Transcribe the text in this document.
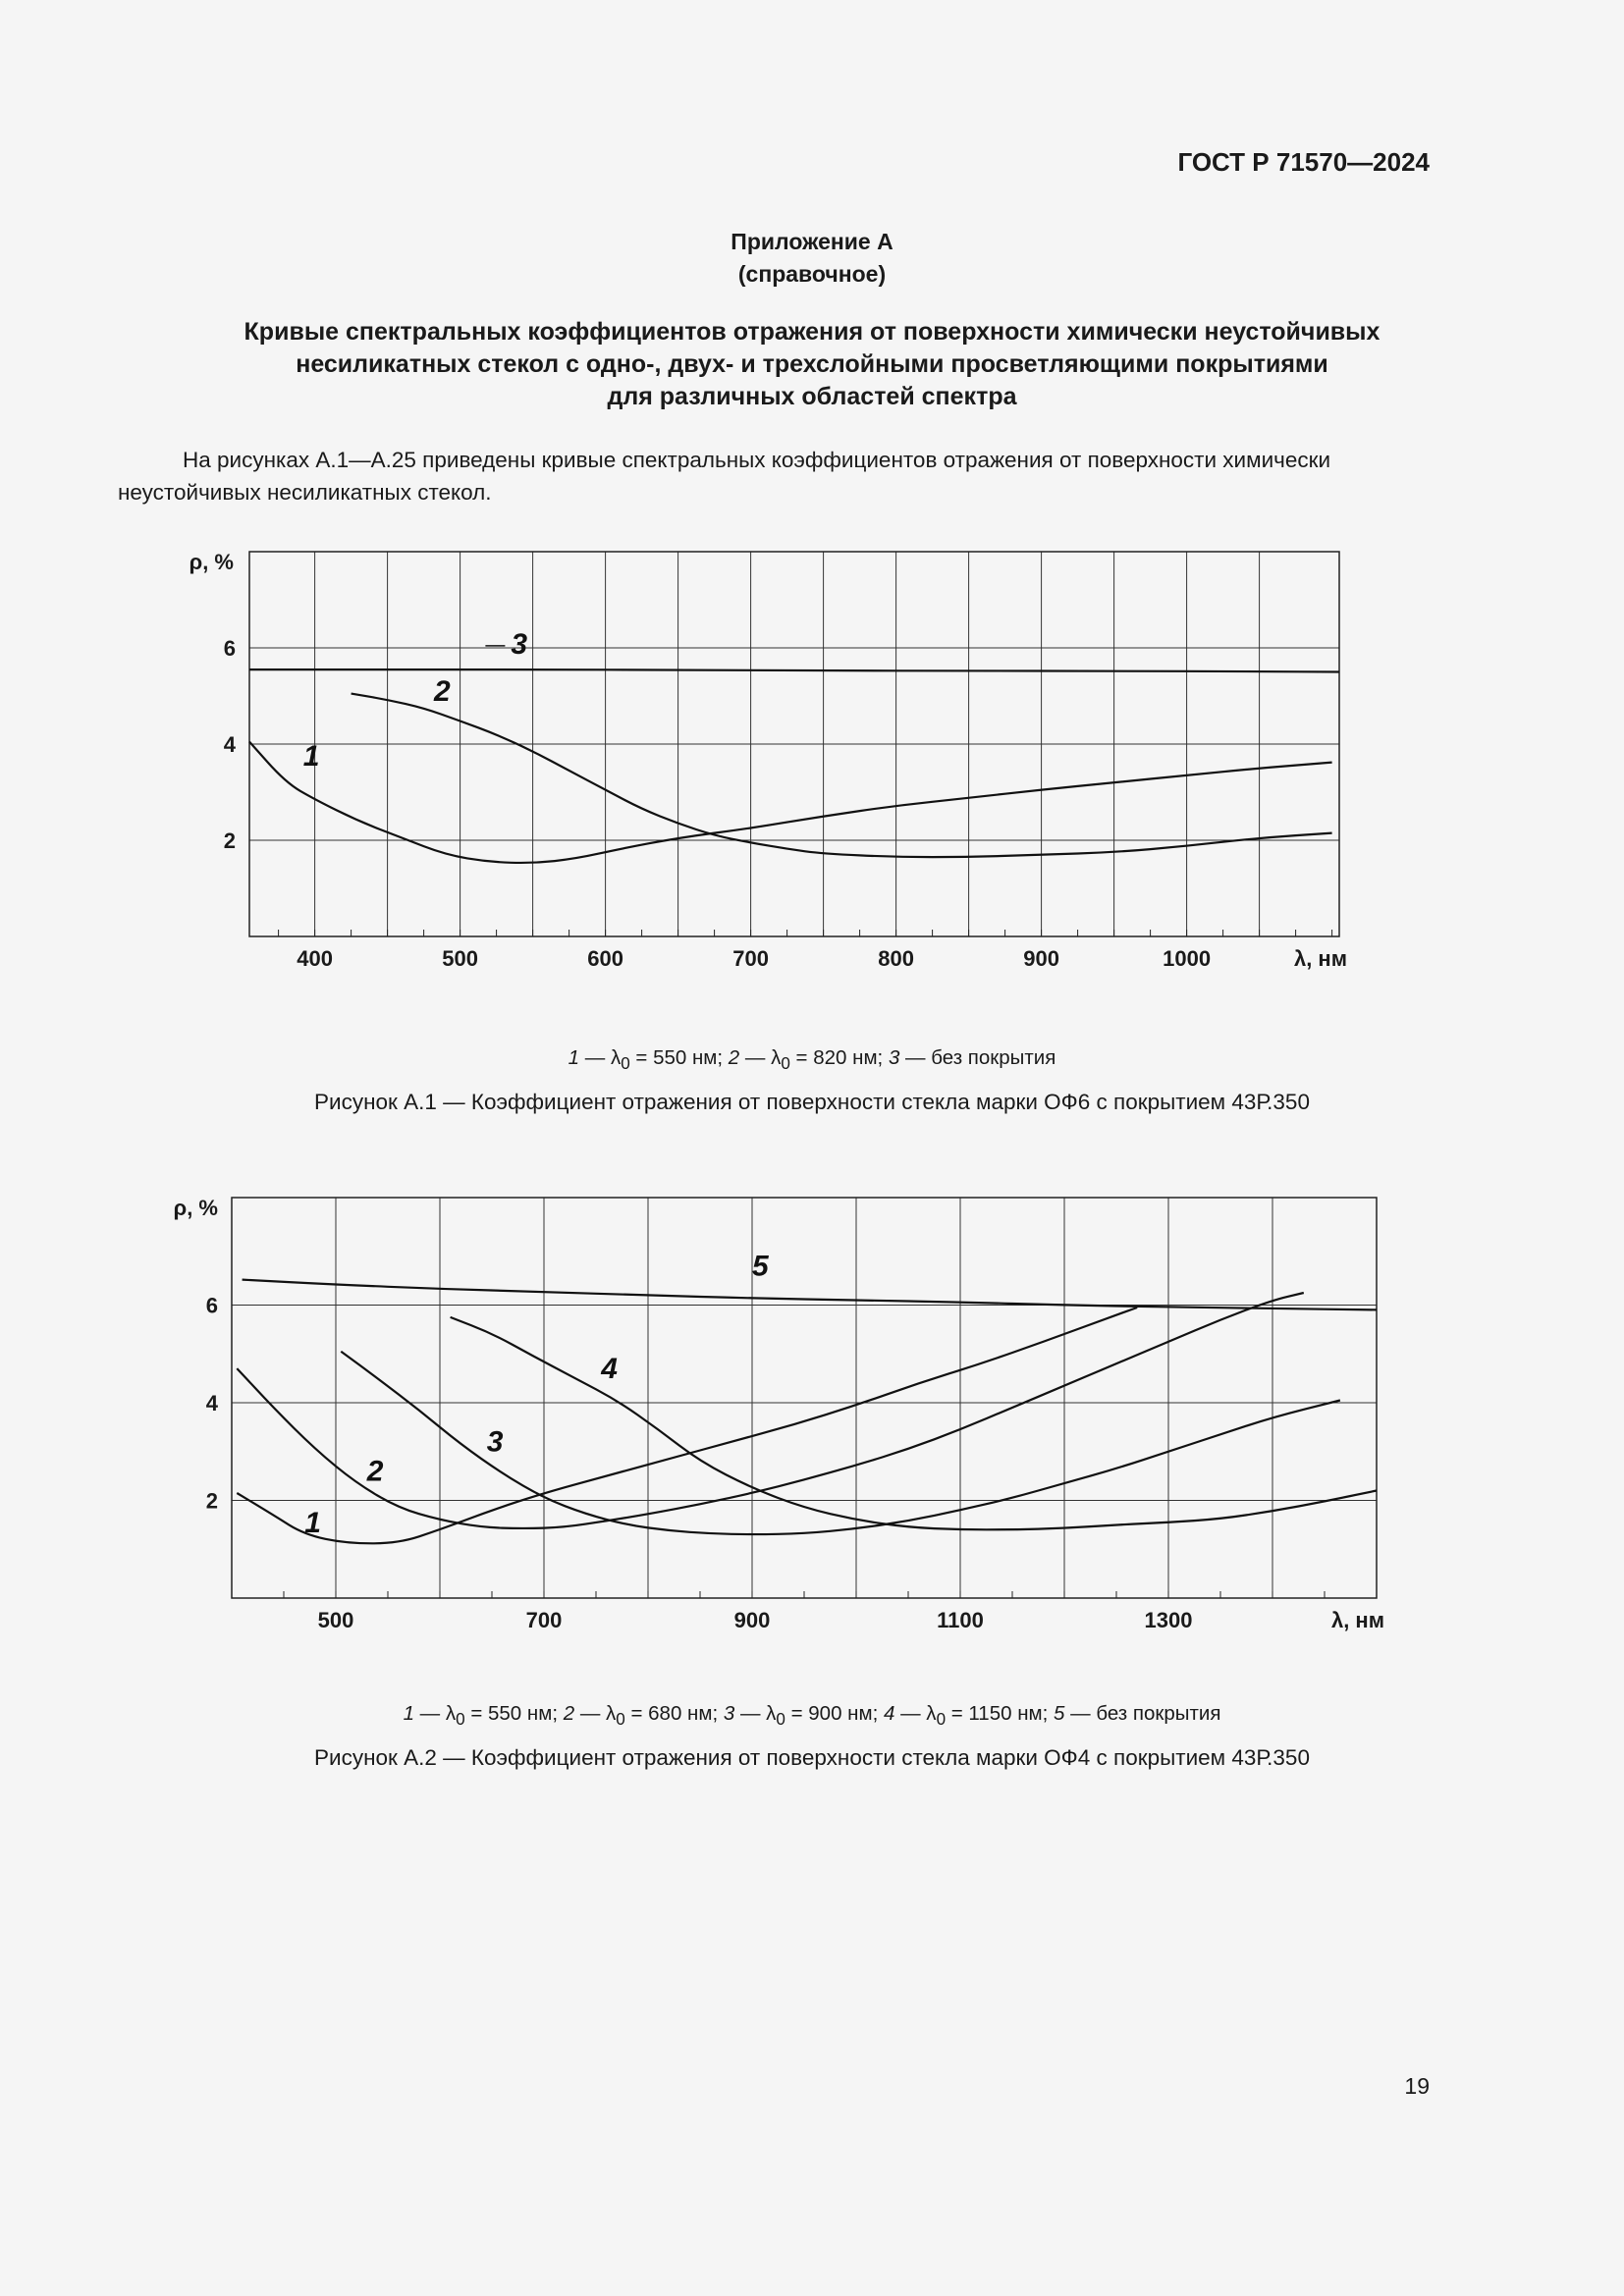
ГОСТ Р 71570—2024
Приложение А
(справочное)
Кривые спектральных коэффициентов отражения от поверхности химически неустойчивых
несиликатных стекол с одно-, двух- и трехслойными просветляющими покрытиями
для различных областей спектра
На рисунках А.1—А.25 приведены кривые спектральных коэффициентов отражения от поверхности химически неустойчивых несиликатных стекол.
400	500	600	700	800	900	1000
2
4
6
ρ, %
λ, нм
1
2
3
1 — $\lambda_0 = 550$ нм; 2 — $\lambda_0 = 820$ нм; 3 — без покрытия
Рисунок А.1 — Коэффициент отражения от поверхности стекла марки ОФ6 с покрытием 43Р.350
500	700	900	1100	1300
2
4
6
ρ, %
λ, нм
1
2
3
4
5
1 — $\lambda_0 = 550$ нм; 2 — $\lambda_0 = 680$ нм; 3 — $\lambda_0 = 900$ нм; 4 — $\lambda_0 = 1150$ нм; 5 — без покрытия
Рисунок А.2 — Коэффициент отражения от поверхности стекла марки ОФ4 с покрытием 43Р.350
19
